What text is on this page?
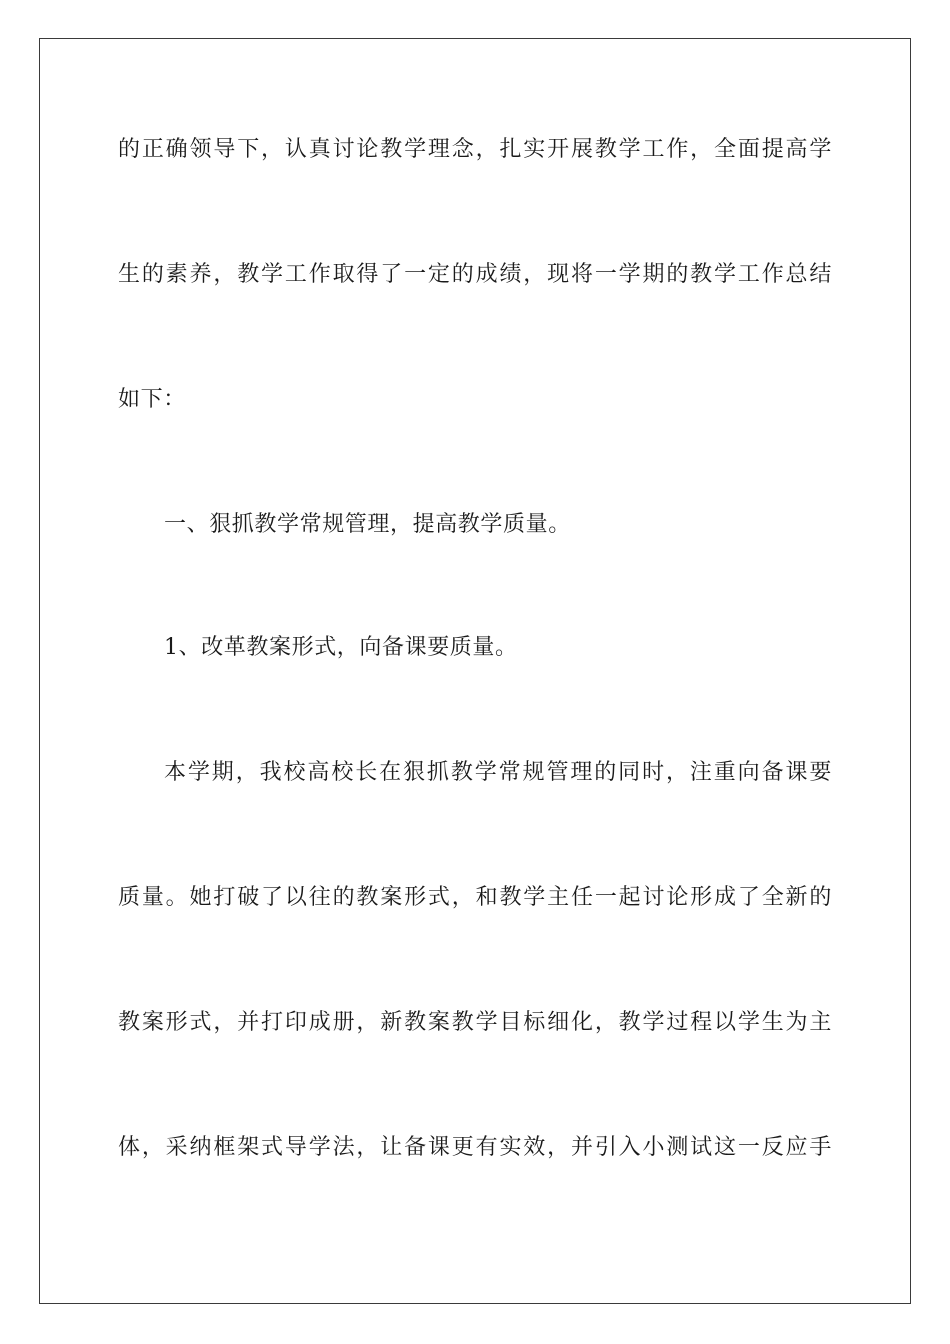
的正确领导下，认真讨论教学理念，扎实开展教学工作，全面提高学
生的素养，教学工作取得了一定的成绩，现将一学期的教学工作总结
如下：
一、狠抓教学常规管理，提高教学质量。
1、改革教案形式，向备课要质量。
本学期，我校高校长在狠抓教学常规管理的同时，注重向备课要
质量。她打破了以往的教案形式，和教学主任一起讨论形成了全新的
教案形式，并打印成册，新教案教学目标细化，教学过程以学生为主
体，采纳框架式导学法，让备课更有实效，并引入小测试这一反应手
